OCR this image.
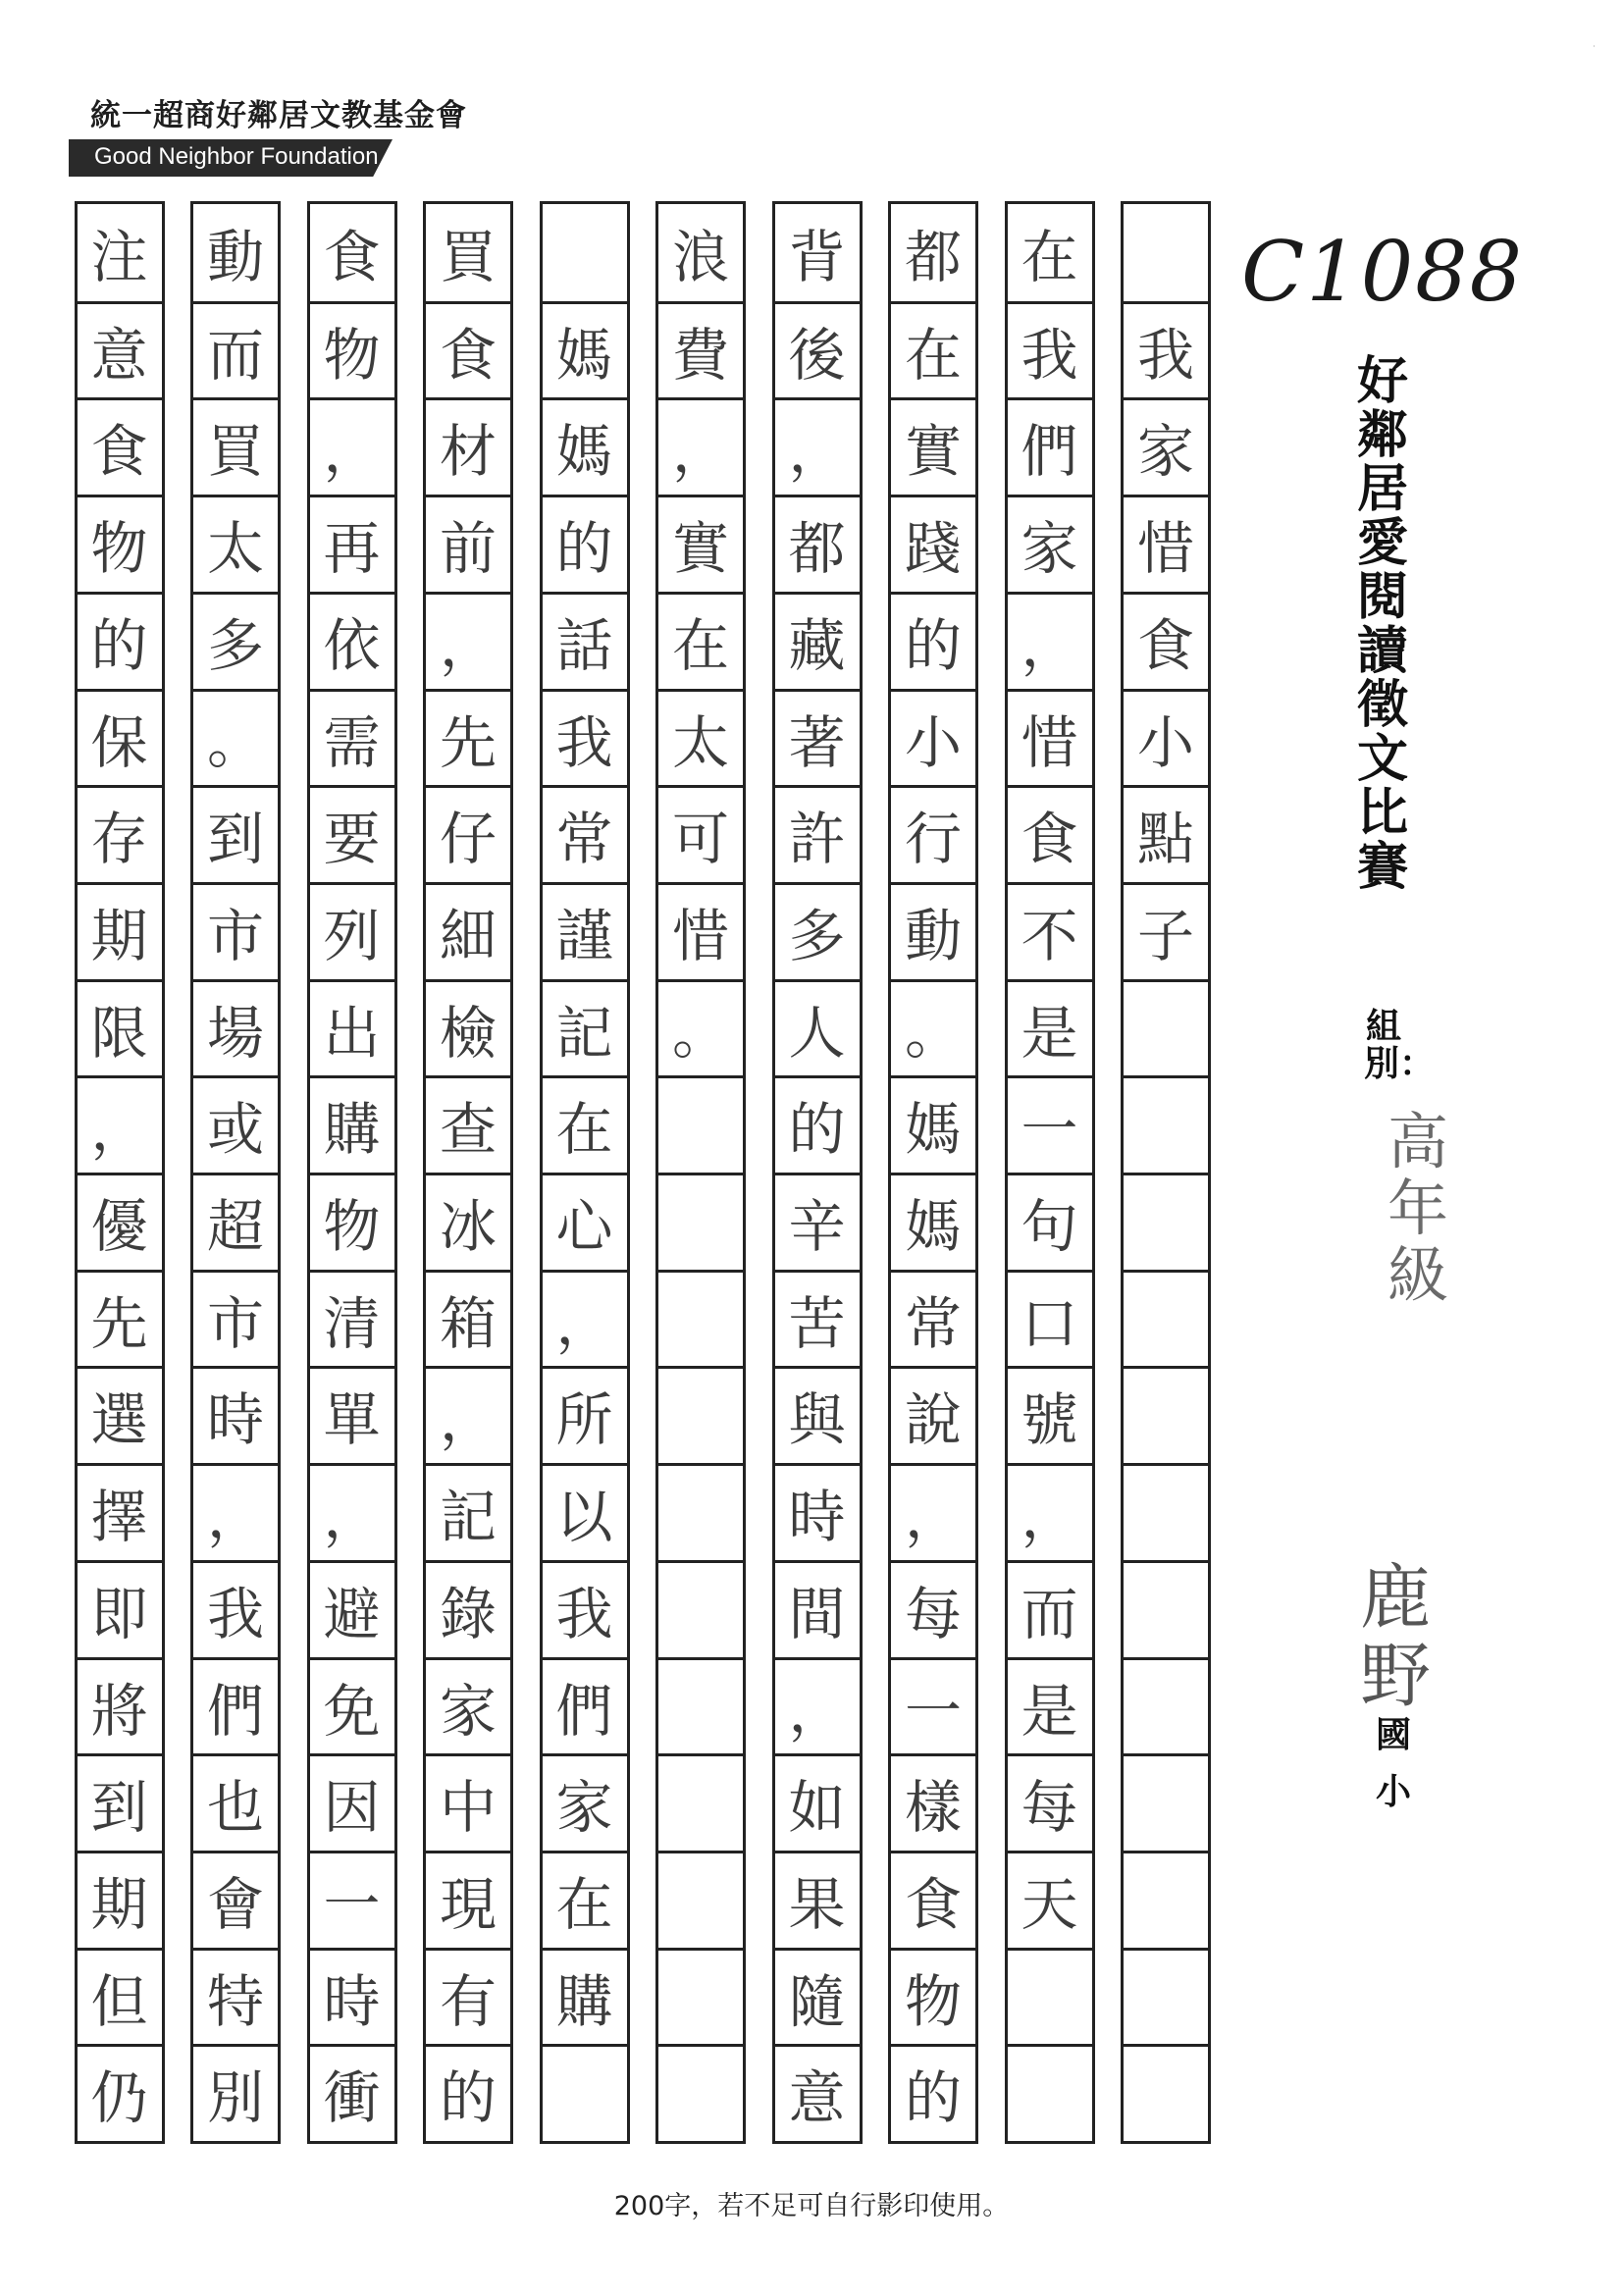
統一超商好鄰居文教基金會
Good Neighbor Foundation
C1088
好鄰居愛閱讀徵文比賽
組別：
高年級
鹿野
國小
我
家
惜
食
小
點
子
在
我
們
家
，
惜
食
不
是
一
句
口
號
，
而
是
每
天
都
在
實
踐
的
小
行
動
。
媽
媽
常
說
，
每
一
樣
食
物
的
背
後
，
都
藏
著
許
多
人
的
辛
苦
與
時
間
，
如
果
隨
意
浪
費
，
實
在
太
可
惜
。
媽
媽
的
話
我
常
謹
記
在
心
，
所
以
我
們
家
在
購
買
食
材
前
，
先
仔
細
檢
查
冰
箱
，
記
錄
家
中
現
有
的
食
物
，
再
依
需
要
列
出
購
物
清
單
，
避
免
因
一
時
衝
動
而
買
太
多
。
到
市
場
或
超
市
時
，
我
們
也
會
特
別
注
意
食
物
的
保
存
期
限
，
優
先
選
擇
即
將
到
期
但
仍
200字，若不足可自行影印使用。
˙
